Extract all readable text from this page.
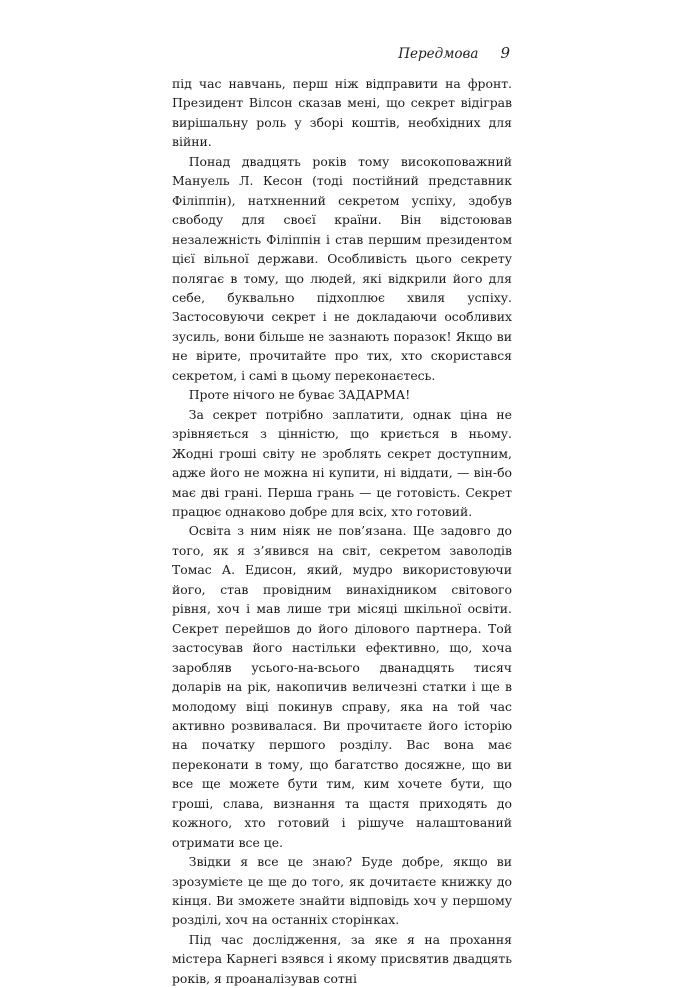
Передмова 9

під час навчань, перш ніж відправити на фронт. Президент Вілсон сказав мені, що секрет відіграв вирішальну роль у зборі коштів, необхідних для війни.

Понад двадцять років тому високоповажний Мануель Л. Кесон (тоді постійний представник Філіппін), натхненний секретом успіху, здобув свободу для своєї країни. Він відстоював незалежність Філіппін і став першим президентом цієї вільної держави. Особливість цього секрету полягає в тому, що людей, які відкрили його для себе, буквально підхоплює хвиля успіху. Застосовуючи секрет і не докладаючи особливих зусиль, вони більше не зазнають поразок! Якщо ви не вірите, прочитайте про тих, хто скористався секретом, і самі в цьому переконаєтесь.

Проте нічого не буває ЗАДАРМА!

За секрет потрібно заплатити, однак ціна не зрівняється з цінністю, що криється в ньому. Жодні гроші світу не зроблять секрет доступним, адже його не можна ні купити, ні віддати, — він-бо має дві грані. Перша грань — це готовість. Секрет працює однаково добре для всіх, хто готовий.

Освіта з ним ніяк не пов’язана. Ще задовго до того, як я з’явився на світ, секретом заволодів Томас А. Едисон, який, мудро використовуючи його, став провідним винахідником світового рівня, хоч і мав лише три місяці шкільної освіти. Секрет перейшов до його ділового партнера. Той застосував його настільки ефективно, що, хоча заробляв усього-на-всього дванадцять тисяч доларів на рік, накопичив величезні статки і ще в молодому віці покинув справу, яка на той час активно розвивалася. Ви прочитаєте його історію на початку першого розділу. Вас вона має переконати в тому, що багатство досяжне, що ви все ще можете бути тим, ким хочете бути, що гроші, слава, визнання та щастя приходять до кожного, хто готовий і рішуче налаштований отримати все це.

Звідки я все це знаю? Буде добре, якщо ви зрозумієте це ще до того, як дочитаєте книжку до кінця. Ви зможете знайти відповідь хоч у першому розділі, хоч на останніх сторінках.

Під час дослідження, за яке я на прохання містера Карнегі взявся і якому присвятив двадцять років, я проаналізував сотні
